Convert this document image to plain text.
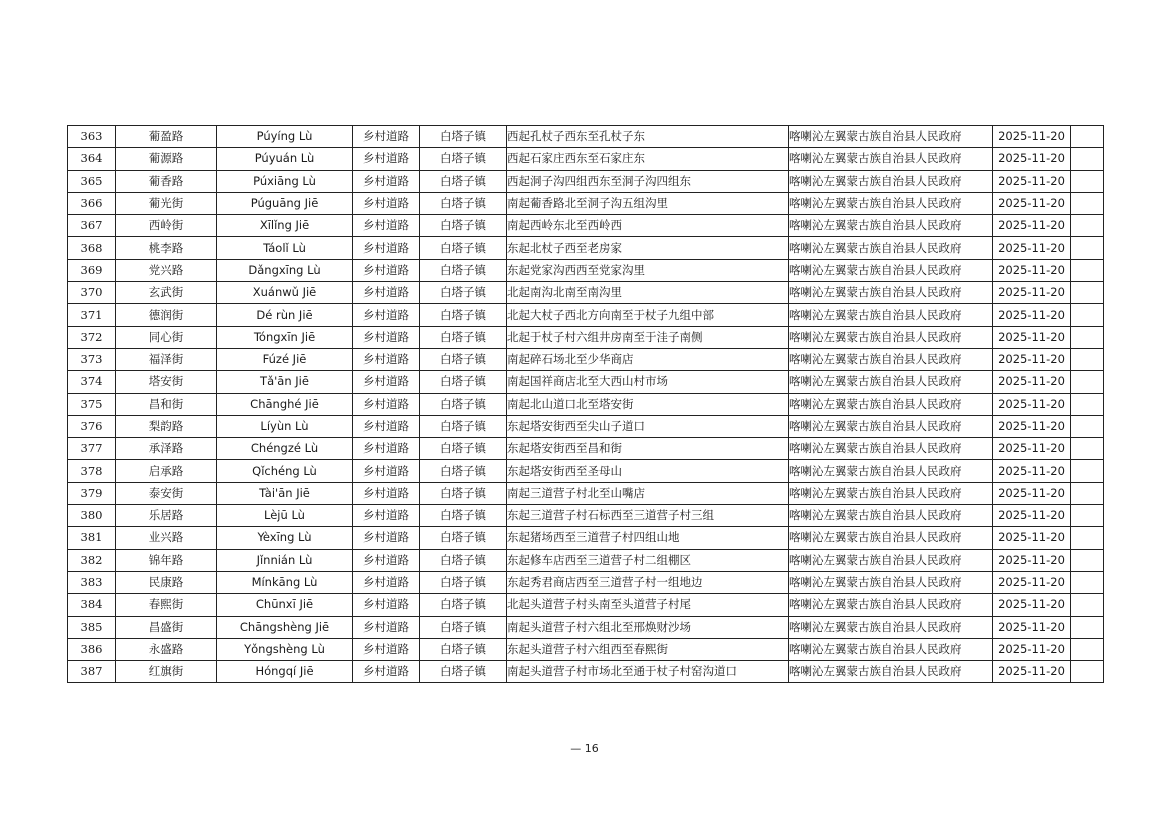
363	葡盈路	Púyíng Lù	乡村道路	白塔子镇	西起孔杖子西东至孔杖子东	喀喇沁左翼蒙古族自治县人民政府	2025-11-20	
364	葡源路	Púyuán Lù	乡村道路	白塔子镇	西起石家庄西东至石家庄东	喀喇沁左翼蒙古族自治县人民政府	2025-11-20	
365	葡香路	Púxiāng Lù	乡村道路	白塔子镇	西起洞子沟四组西东至洞子沟四组东	喀喇沁左翼蒙古族自治县人民政府	2025-11-20	
366	葡光街	Púguāng Jiē	乡村道路	白塔子镇	南起葡香路北至洞子沟五组沟里	喀喇沁左翼蒙古族自治县人民政府	2025-11-20	
367	西岭街	Xīlǐng Jiē	乡村道路	白塔子镇	南起西岭东北至西岭西	喀喇沁左翼蒙古族自治县人民政府	2025-11-20	
368	桃李路	Táolǐ Lù	乡村道路	白塔子镇	东起北杖子西至老房家	喀喇沁左翼蒙古族自治县人民政府	2025-11-20	
369	党兴路	Dǎngxīng Lù	乡村道路	白塔子镇	东起党家沟西西至党家沟里	喀喇沁左翼蒙古族自治县人民政府	2025-11-20	
370	玄武街	Xuánwǔ Jiē	乡村道路	白塔子镇	北起南沟北南至南沟里	喀喇沁左翼蒙古族自治县人民政府	2025-11-20	
371	德润街	Dé rùn Jiē	乡村道路	白塔子镇	北起大杖子西北方向南至于杖子九组中部	喀喇沁左翼蒙古族自治县人民政府	2025-11-20	
372	同心街	Tóngxīn Jiē	乡村道路	白塔子镇	北起于杖子村六组井房南至于洼子南侧	喀喇沁左翼蒙古族自治县人民政府	2025-11-20	
373	福泽街	Fúzé Jiē	乡村道路	白塔子镇	南起碎石场北至少华商店	喀喇沁左翼蒙古族自治县人民政府	2025-11-20	
374	塔安街	Tǎ'ān Jiē	乡村道路	白塔子镇	南起国祥商店北至大西山村市场	喀喇沁左翼蒙古族自治县人民政府	2025-11-20	
375	昌和街	Chānghé Jiē	乡村道路	白塔子镇	南起北山道口北至塔安街	喀喇沁左翼蒙古族自治县人民政府	2025-11-20	
376	梨韵路	Líyùn Lù	乡村道路	白塔子镇	东起塔安街西至尖山子道口	喀喇沁左翼蒙古族自治县人民政府	2025-11-20	
377	承泽路	Chéngzé Lù	乡村道路	白塔子镇	东起塔安街西至昌和街	喀喇沁左翼蒙古族自治县人民政府	2025-11-20	
378	启承路	Qǐchéng Lù	乡村道路	白塔子镇	东起塔安街西至圣母山	喀喇沁左翼蒙古族自治县人民政府	2025-11-20	
379	泰安街	Tài'ān Jiē	乡村道路	白塔子镇	南起三道营子村北至山嘴店	喀喇沁左翼蒙古族自治县人民政府	2025-11-20	
380	乐居路	Lèjū Lù	乡村道路	白塔子镇	东起三道营子村石标西至三道营子村三组	喀喇沁左翼蒙古族自治县人民政府	2025-11-20	
381	业兴路	Yèxīng Lù	乡村道路	白塔子镇	东起猪场西至三道营子村四组山地	喀喇沁左翼蒙古族自治县人民政府	2025-11-20	
382	锦年路	Jǐnnián Lù	乡村道路	白塔子镇	东起修车店西至三道营子村二组棚区	喀喇沁左翼蒙古族自治县人民政府	2025-11-20	
383	民康路	Mínkāng Lù	乡村道路	白塔子镇	东起秀君商店西至三道营子村一组地边	喀喇沁左翼蒙古族自治县人民政府	2025-11-20	
384	春熙街	Chūnxī Jiē	乡村道路	白塔子镇	北起头道营子村头南至头道营子村尾	喀喇沁左翼蒙古族自治县人民政府	2025-11-20	
385	昌盛街	Chāngshèng Jiē	乡村道路	白塔子镇	南起头道营子村六组北至邢焕财沙场	喀喇沁左翼蒙古族自治县人民政府	2025-11-20	
386	永盛路	Yǒngshèng Lù	乡村道路	白塔子镇	东起头道营子村六组西至春熙街	喀喇沁左翼蒙古族自治县人民政府	2025-11-20	
387	红旗街	Hóngqí Jiē	乡村道路	白塔子镇	南起头道营子村市场北至通于杖子村窑沟道口	喀喇沁左翼蒙古族自治县人民政府	2025-11-20	
— 16
